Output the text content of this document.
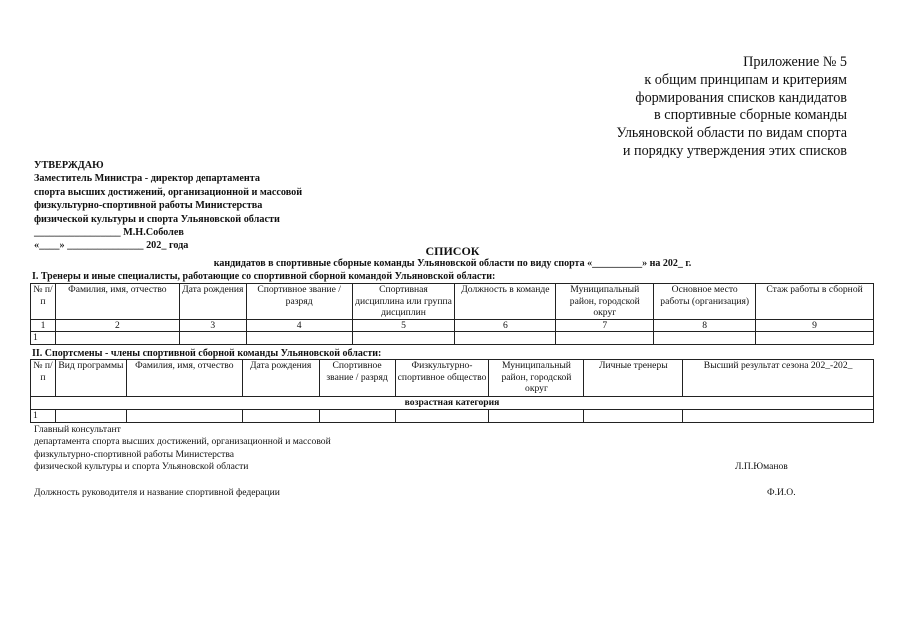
Приложение № 5
к общим принципам и критериям
формирования списков кандидатов
в спортивные сборные команды
Ульяновской области по видам спорта
и порядку утверждения этих списков
УТВЕРЖДАЮ
Заместитель Министра - директор департамента
спорта высших достижений, организационной и массовой
физкультурно-спортивной работы Министерства
физической культуры и спорта Ульяновской области
_________________ М.Н.Соболев
«____» _______________ 202_ года	СПИСОК
кандидатов в спортивные сборные команды Ульяновской области по виду спорта «__________» на 202_ г.
I. Тренеры и иные специалисты, работающие со спортивной сборной командой Ульяновской области:
№ п/п	Фамилия, имя, отчество	Дата рождения	Спортивное звание / разряд	Спортивная дисциплина или группа дисциплин	Должность в команде	Муниципальный район, городской округ	Основное место работы (организация)	Стаж работы в сборной
1	2	3	4	5	6	7	8	9
1								
II. Спортсмены - члены спортивной сборной команды Ульяновской области:
№ п/п	Вид программы	Фамилия, имя, отчество	Дата рождения	Спортивное звание / разряд	Физкультурно-спортивное общество	Муниципальный район, городской округ	Личные тренеры	Высший результат сезона 202_-202_
возрастная категория								
1								
Главный консультант
департамента спорта высших достижений, организационной и массовой
физкультурно-спортивной работы Министерства
физической культуры и спорта Ульяновской области	Л.П.Юманов
Должность руководителя и название спортивной федерации	Ф.И.О.
